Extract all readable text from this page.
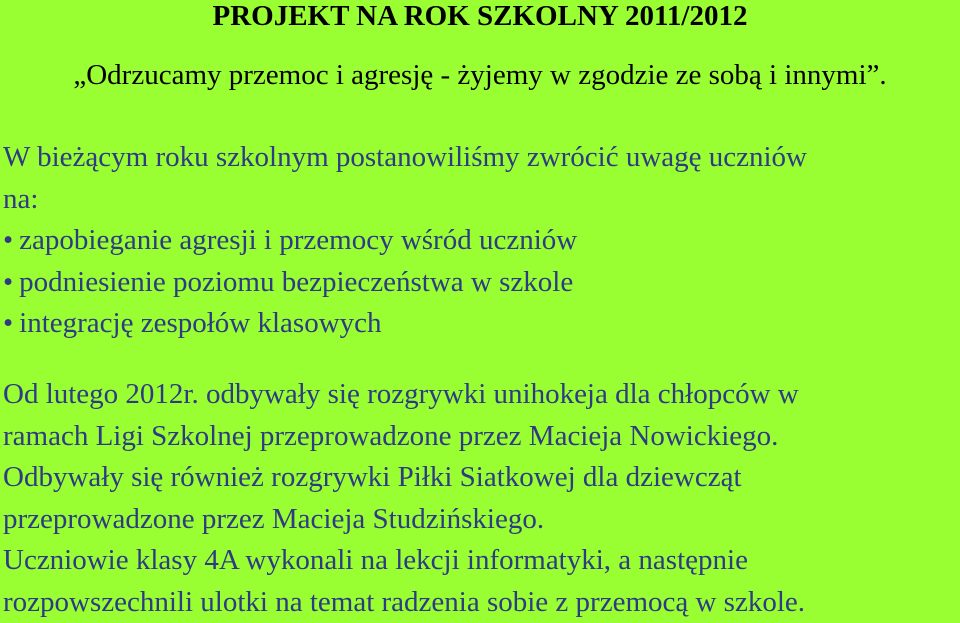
PROJEKT NA ROK SZKOLNY 2011/2012
„Odrzucamy przemoc i agresję - żyjemy w zgodzie ze sobą i innymi”.
W bieżącym roku szkolnym postanowiliśmy zwrócić uwagę uczniów
na:
• zapobieganie agresji i przemocy wśród uczniów
• podniesienie poziomu bezpieczeństwa w szkole
• integrację zespołów klasowych
Od lutego 2012r. odbywały się rozgrywki unihokeja dla chłopców w
ramach Ligi Szkolnej przeprowadzone przez Macieja Nowickiego.
Odbywały się również rozgrywki Piłki Siatkowej dla dziewcząt
przeprowadzone przez Macieja Studzińskiego.
Uczniowie klasy 4A wykonali na lekcji informatyki, a następnie
rozpowszechnili ulotki na temat radzenia sobie z przemocą w szkole.
